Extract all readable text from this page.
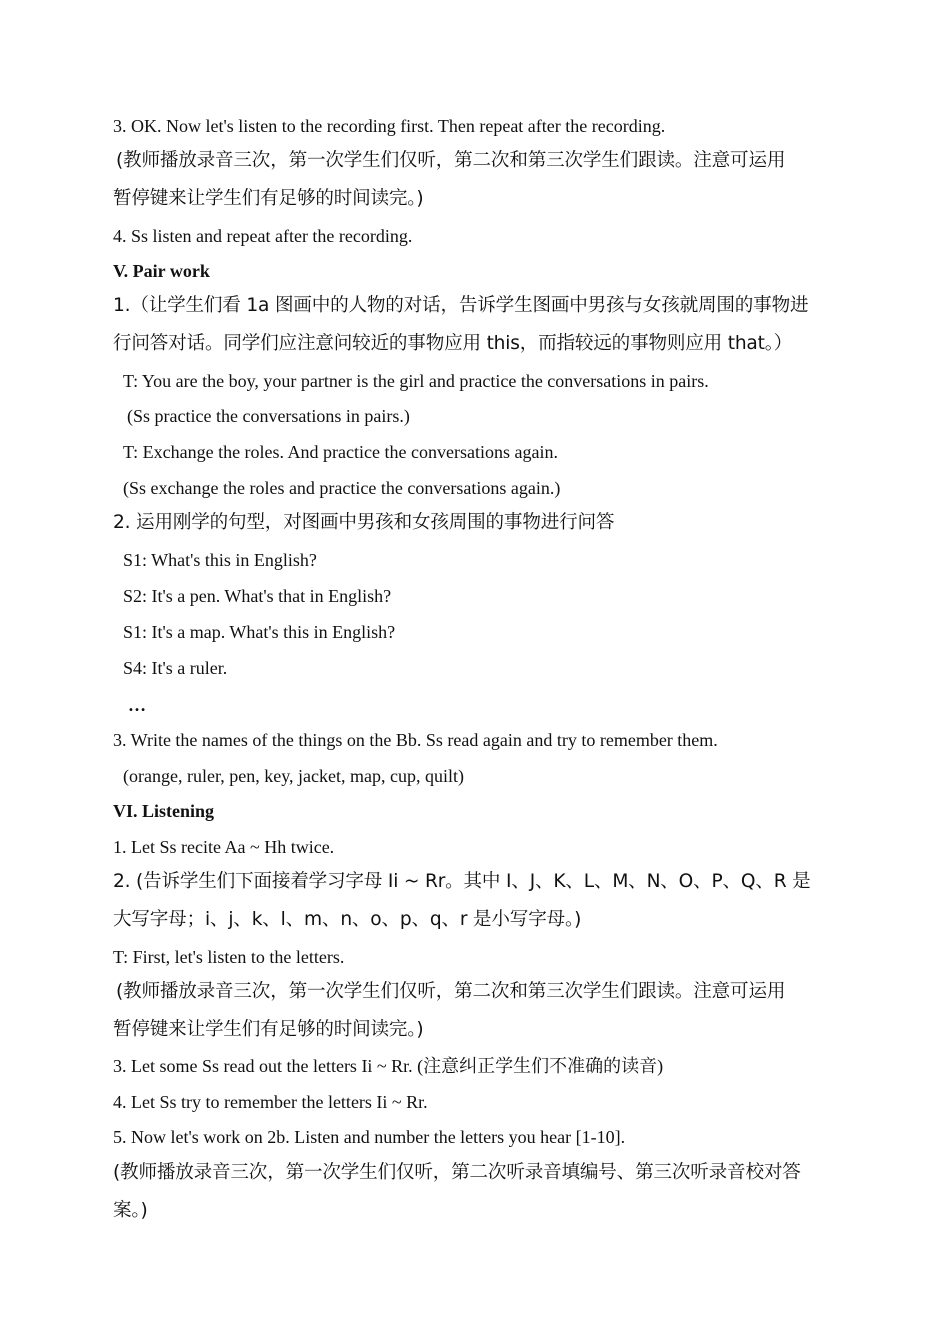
3. OK. Now let's listen to the recording first. Then repeat after the recording.
(教师播放录音三次，第一次学生们仅听，第二次和第三次学生们跟读。注意可运用
暂停键来让学生们有足够的时间读完。)
4. Ss listen and repeat after the recording.
V. Pair work
1.（让学生们看 1a 图画中的人物的对话，告诉学生图画中男孩与女孩就周围的事物进
行问答对话。同学们应注意问较近的事物应用 this，而指较远的事物则应用 that。）
T: You are the boy, your partner is the girl and practice the conversations in pairs.
(Ss practice the conversations in pairs.)
T: Exchange the roles. And practice the conversations again.
(Ss exchange the roles and practice the conversations again.)
2. 运用刚学的句型，对图画中男孩和女孩周围的事物进行问答
S1: What's this in English?
S2: It's a pen. What's that in English?
S1: It's a map. What's this in English?
S4: It's a ruler.
…
3. Write the names of the things on the Bb. Ss read again and try to remember them.
(orange, ruler, pen, key, jacket, map, cup, quilt)
VI. Listening
1. Let Ss recite Aa ~ Hh twice.
2. (告诉学生们下面接着学习字母 Ii ~ Rr。其中 I、J、K、L、M、N、O、P、Q、R 是
大写字母；i、j、k、l、m、n、o、p、q、r 是小写字母。)
T: First, let's listen to the letters.
(教师播放录音三次，第一次学生们仅听，第二次和第三次学生们跟读。注意可运用
暂停键来让学生们有足够的时间读完。)
3. Let some Ss read out the letters Ii ~ Rr. (注意纠正学生们不准确的读音)
4. Let Ss try to remember the letters Ii ~ Rr.
5. Now let's work on 2b. Listen and number the letters you hear [1-10].
(教师播放录音三次，第一次学生们仅听，第二次听录音填编号、第三次听录音校对答
案。)
